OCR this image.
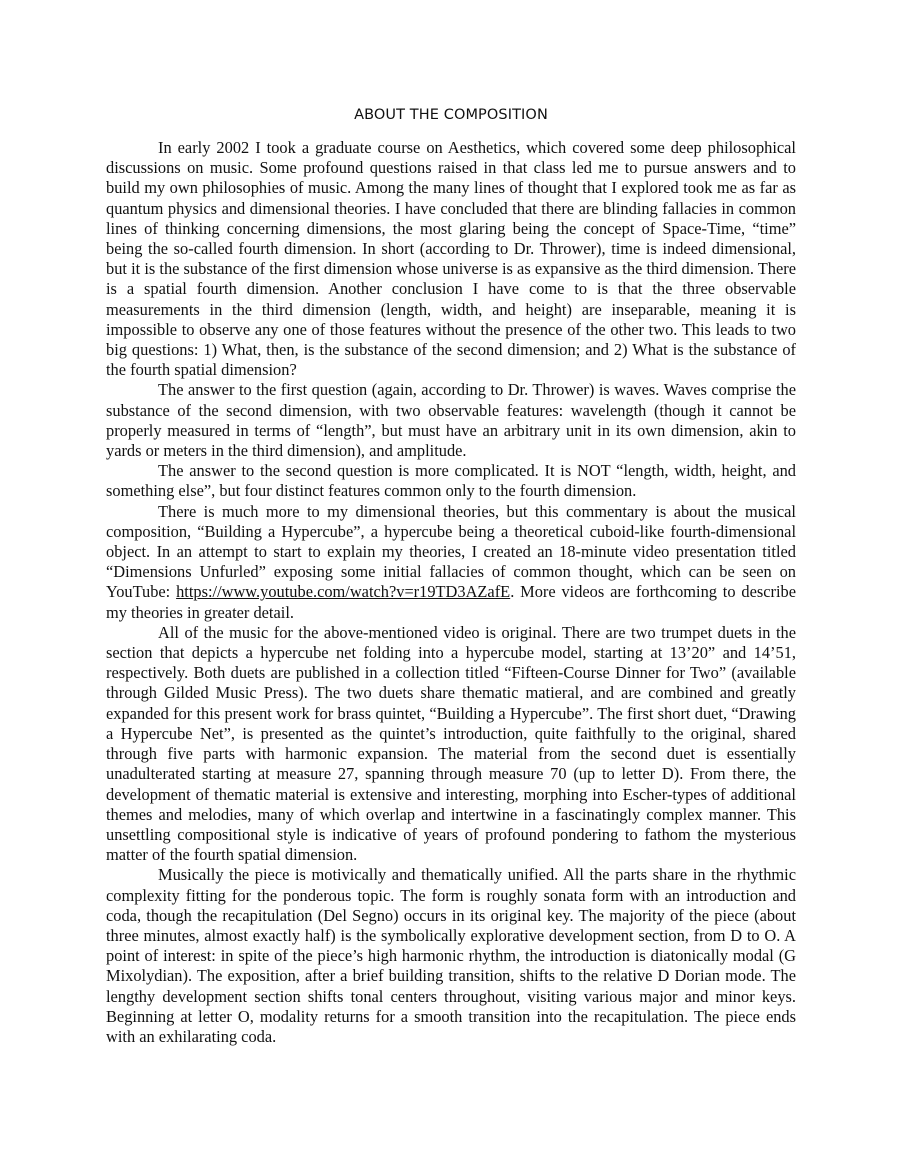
ABOUT THE COMPOSITION

In early 2002 I took a graduate course on Aesthetics, which covered some deep philosophical discussions on music. Some profound questions raised in that class led me to pursue answers and to build my own philosophies of music. Among the many lines of thought that I explored took me as far as quantum physics and dimensional theories. I have concluded that there are blinding fallacies in common lines of thinking concerning dimensions, the most glaring being the concept of Space-Time, “time” being the so-called fourth dimension. In short (according to Dr. Thrower), time is indeed dimensional, but it is the substance of the first dimension whose universe is as expansive as the third dimension. There is a spatial fourth dimension. Another conclusion I have come to is that the three observable measurements in the third dimension (length, width, and height) are inseparable, meaning it is impossible to observe any one of those features without the presence of the other two. This leads to two big questions: 1) What, then, is the substance of the second dimension; and 2) What is the substance of the fourth spatial dimension?

The answer to the first question (again, according to Dr. Thrower) is waves. Waves comprise the substance of the second dimension, with two observable features: wavelength (though it cannot be properly measured in terms of “length”, but must have an arbitrary unit in its own dimension, akin to yards or meters in the third dimension), and amplitude.

The answer to the second question is more complicated. It is NOT “length, width, height, and something else”, but four distinct features common only to the fourth dimension.

There is much more to my dimensional theories, but this commentary is about the musical composition, “Building a Hypercube”, a hypercube being a theoretical cuboid-like fourth-dimensional object. In an attempt to start to explain my theories, I created an 18-minute video presentation titled “Dimensions Unfurled” exposing some initial fallacies of common thought, which can be seen on YouTube: https://www.youtube.com/watch?v=r19TD3AZafE. More videos are forthcoming to describe my theories in greater detail.

All of the music for the above-mentioned video is original. There are two trumpet duets in the section that depicts a hypercube net folding into a hypercube model, starting at 13’20” and 14’51, respectively. Both duets are published in a collection titled “Fifteen-Course Dinner for Two” (available through Gilded Music Press). The two duets share thematic matieral, and are combined and greatly expanded for this present work for brass quintet, “Building a Hypercube”. The first short duet, “Drawing a Hypercube Net”, is presented as the quintet’s introduction, quite faithfully to the original, shared through five parts with harmonic expansion. The material from the second duet is essentially unadulterated starting at measure 27, spanning through measure 70 (up to letter D). From there, the development of thematic material is extensive and interesting, morphing into Escher-types of additional themes and melodies, many of which overlap and intertwine in a fascinatingly complex manner. This unsettling compositional style is indicative of years of profound pondering to fathom the mysterious matter of the fourth spatial dimension.

Musically the piece is motivically and thematically unified. All the parts share in the rhythmic complexity fitting for the ponderous topic. The form is roughly sonata form with an introduction and coda, though the recapitulation (Del Segno) occurs in its original key. The majority of the piece (about three minutes, almost exactly half) is the symbolically explorative development section, from D to O. A point of interest: in spite of the piece’s high harmonic rhythm, the introduction is diatonically modal (G Mixolydian). The exposition, after a brief building transition, shifts to the relative D Dorian mode. The lengthy development section shifts tonal centers throughout, visiting various major and minor keys. Beginning at letter O, modality returns for a smooth transition into the recapitulation. The piece ends with an exhilarating coda.
